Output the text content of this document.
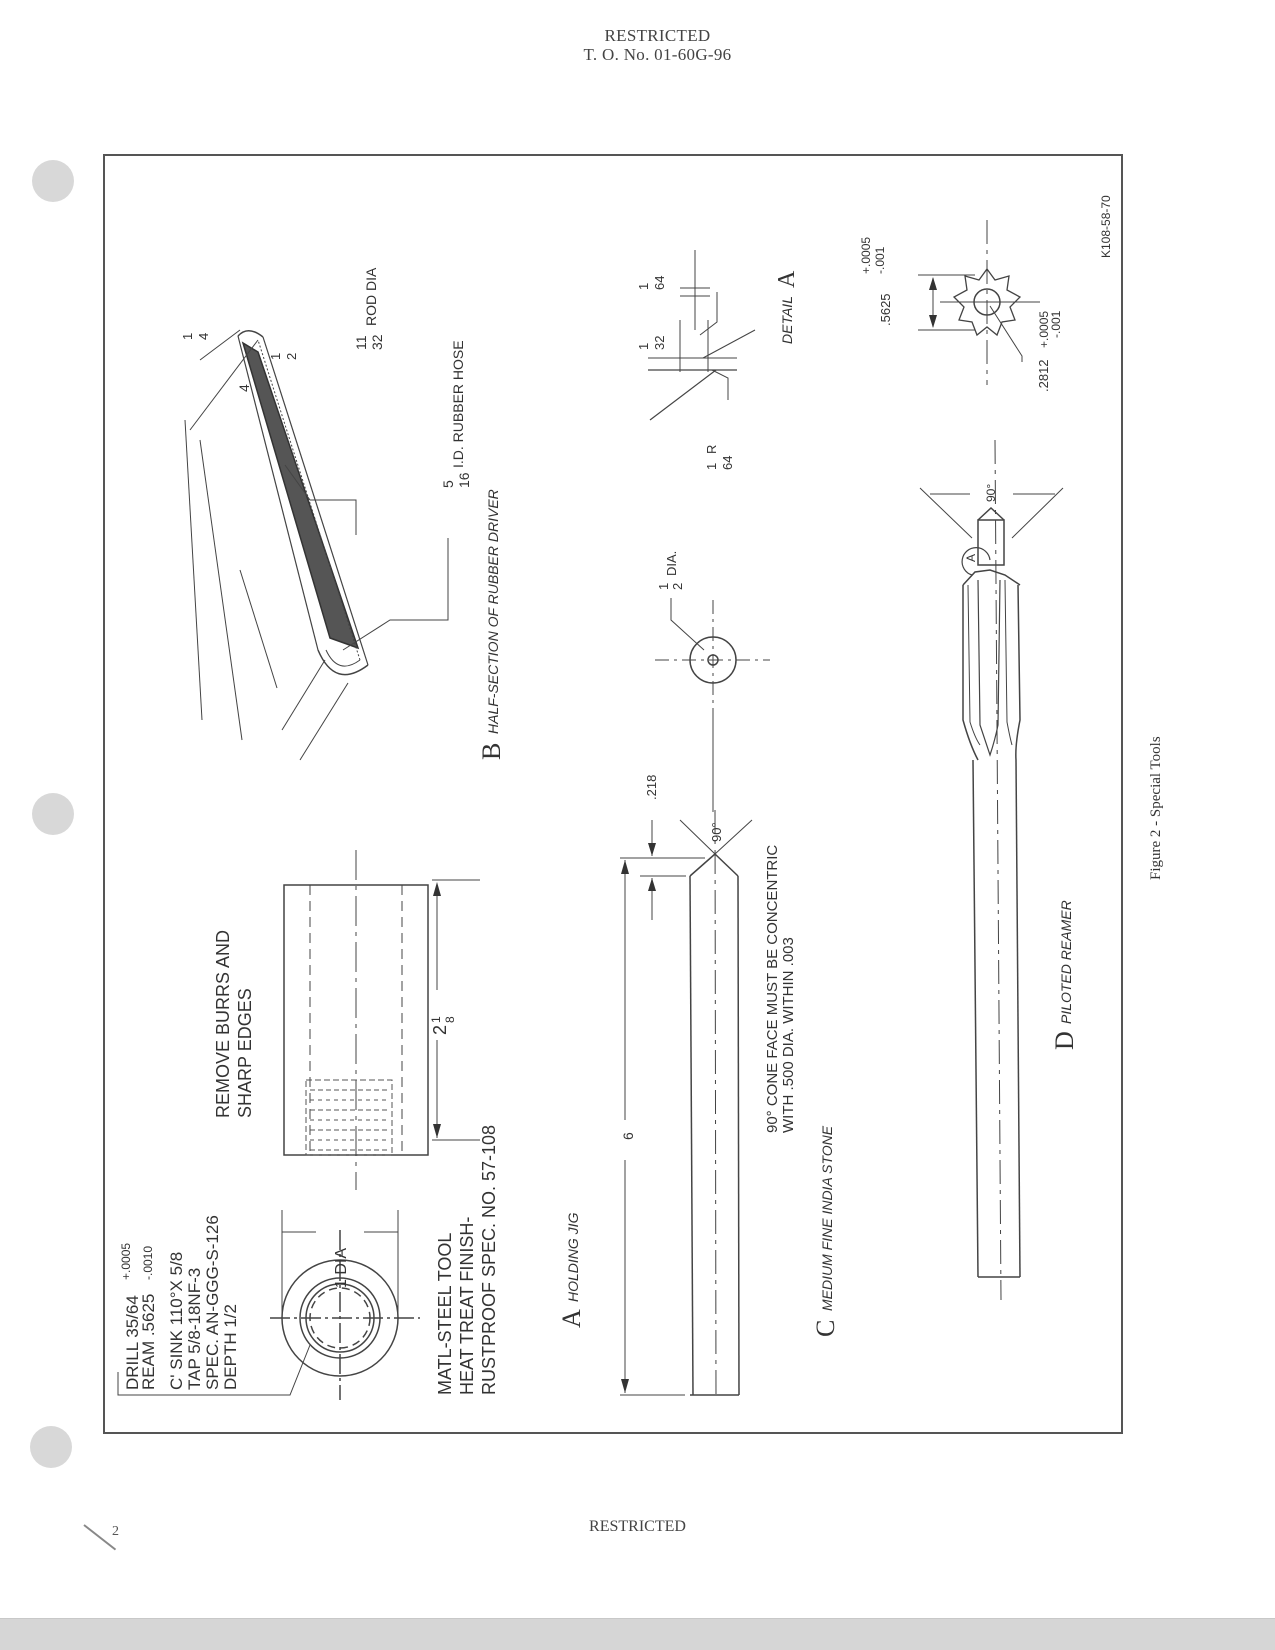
RESTRICTED
T. O. No. 01-60G-96
DRILL 35/64
+.0005
REAM .5625
-.0010 C' SINK 110°X 5/8 TAP 5/8-18NF-3 SPEC. AN-GGG-S-126 DEPTH 1/2
1 DIA	MATL-STEEL TOOL HEAT TREAT FINISH- RUSTPROOF SPEC. NO. 57-108
REMOVE BURRS AND SHARP EDGES	2
1 8
A
HOLDING JIG
4
1 2
1 4	11 32
ROD DIA
5 16
I.D. RUBBER HOSE
B
HALF-SECTION OF RUBBER DRIVER
6
.218
90°
1 2
DIA.
90° CONE FACE MUST BE CONCENTRIC WITH .500 DIA. WITHIN .003
C
MEDIUM FINE INDIA STONE
1 64
1 32
1 64
R
DETAIL
A
90°
A
.5625
+.0005 -.001
.2812
+.0005
-.001
D
PILOTED REAMER
K108-58-70
Figure 2 - Special Tools
2	RESTRICTED
